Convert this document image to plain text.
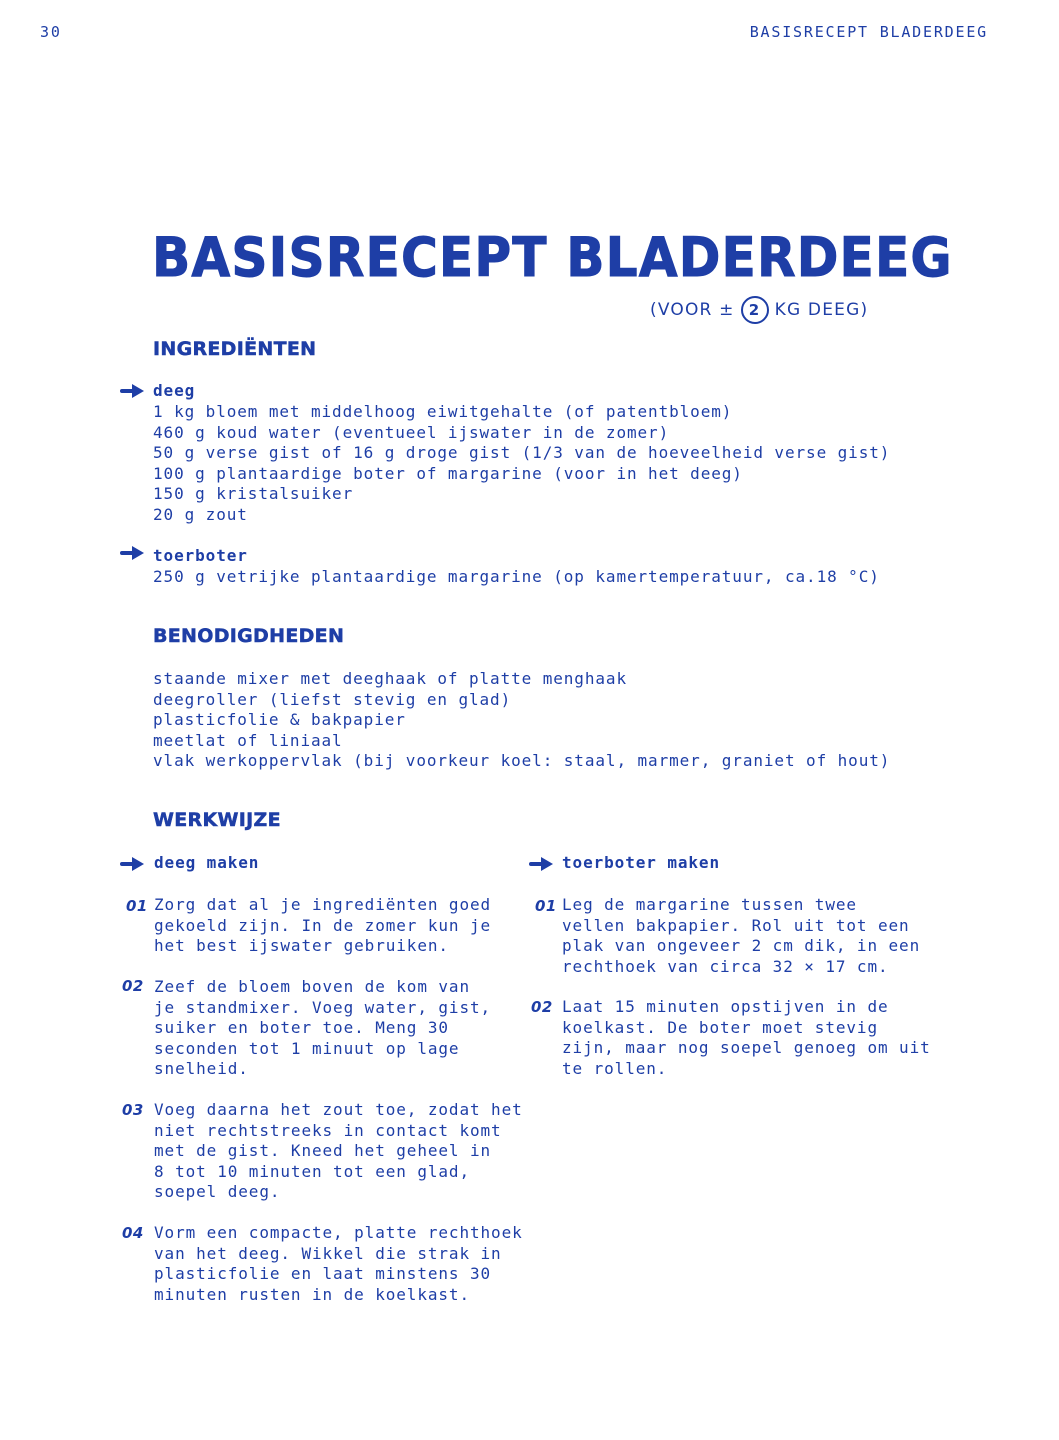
30	BASISRECEPT BLADERDEEG
BASISRECEPT BLADERDEEG
(VOOR ± 2 KG DEEG)
INGREDIËNTEN
deeg
1 kg bloem met middelhoog eiwitgehalte (of patentbloem)
460 g koud water (eventueel ijswater in de zomer)
50 g verse gist of 16 g droge gist (1/3 van de hoeveelheid verse gist)
100 g plantaardige boter of margarine (voor in het deeg)
150 g kristalsuiker
20 g zout
toerboter
250 g vetrijke plantaardige margarine (op kamertemperatuur, ca.18 °C)
BENODIGDHEDEN
staande mixer met deeghaak of platte menghaak
deegroller (liefst stevig en glad)
plasticfolie & bakpapier
meetlat of liniaal
vlak werkoppervlak (bij voorkeur koel: staal, marmer, graniet of hout)
WERKWIJZE
deeg maken
01 Zorg dat al je ingrediënten goed
gekoeld zijn. In de zomer kun je
het best ijswater gebruiken.
02 Zeef de bloem boven de kom van
je standmixer. Voeg water, gist,
suiker en boter toe. Meng 30
seconden tot 1 minuut op lage
snelheid.
03 Voeg daarna het zout toe, zodat het
niet rechtstreeks in contact komt
met de gist. Kneed het geheel in
8 tot 10 minuten tot een glad,
soepel deeg.
04 Vorm een compacte, platte rechthoek
van het deeg. Wikkel die strak in
plasticfolie en laat minstens 30
minuten rusten in de koelkast.
toerboter maken
01 Leg de margarine tussen twee
vellen bakpapier. Rol uit tot een
plak van ongeveer 2 cm dik, in een
rechthoek van circa 32 × 17 cm.
02 Laat 15 minuten opstijven in de
koelkast. De boter moet stevig
zijn, maar nog soepel genoeg om uit
te rollen.
